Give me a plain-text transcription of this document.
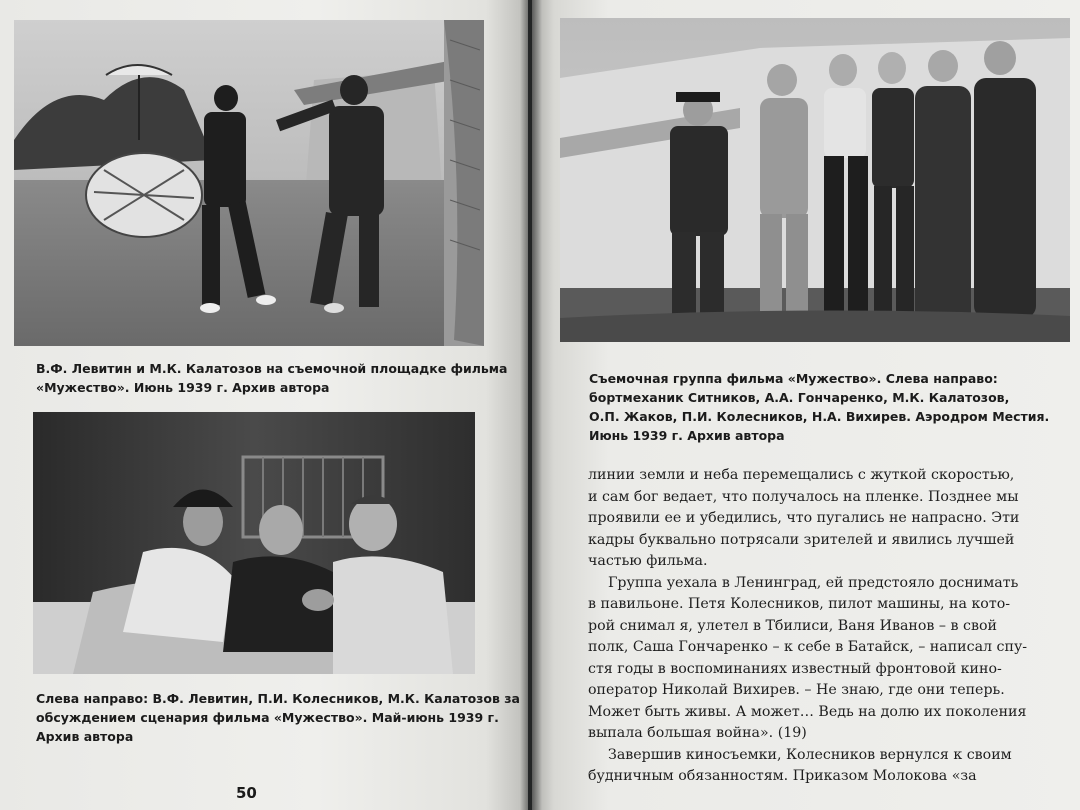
В.Ф. Левитин и М.К. Калатозов на съемочной площадке фильма
«Мужество». Июнь 1939 г. Архив автора
Слева направо: В.Ф. Левитин, П.И. Колесников, М.К. Калатозов за
обсуждением сценария фильма «Мужество». Май-июнь 1939 г.
Архив автора
50
Съемочная группа фильма «Мужество». Слева направо:
бортмеханик Ситников, А.А. Гончаренко, М.К. Калатозов,
О.П. Жаков, П.И. Колесников, Н.А. Вихирев. Аэродром Местия.
Июнь 1939 г. Архив автора
линии земли и неба перемещались с жуткой скоростью,
и сам бог ведает, что получалось на пленке. Позднее мы
проявили ее и убедились, что пугались не напрасно. Эти
кадры буквально потрясали зрителей и явились лучшей
частью фильма.
Группа уехала в Ленинград, ей предстояло доснимать
в павильоне. Петя Колесников, пилот машины, на кото-
рой снимал я, улетел в Тбилиси, Ваня Иванов – в свой
полк, Саша Гончаренко – к себе в Батайск, – написал спу-
стя годы в воспоминаниях известный фронтовой кино-
оператор Николай Вихирев. – Не знаю, где они теперь.
Может быть живы. А может… Ведь на долю их поколения
выпала большая война». (19)
Завершив киносъемки, Колесников вернулся к своим
будничным обязанностям. Приказом Молокова «за
